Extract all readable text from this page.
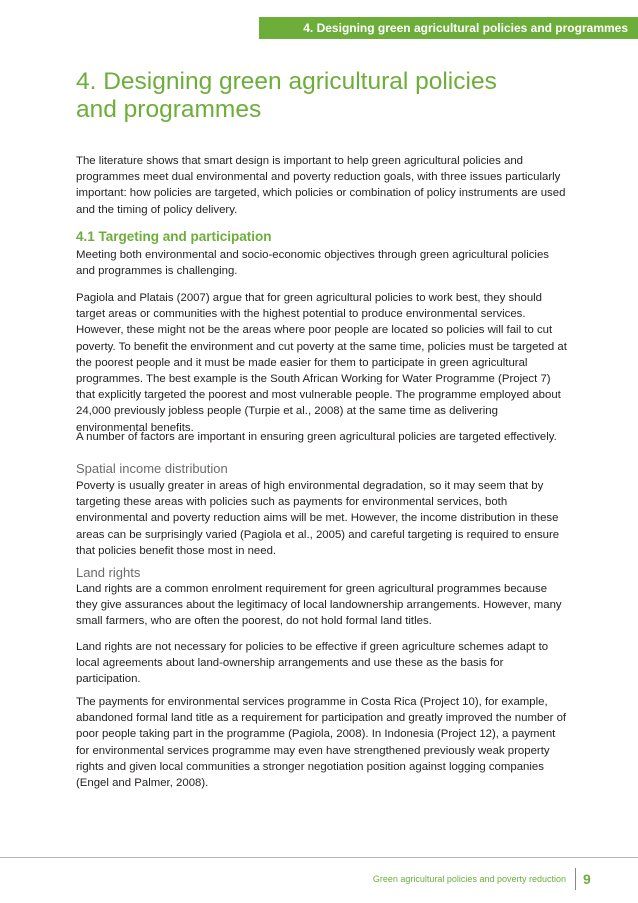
4. Designing green agricultural policies and programmes
4. Designing green agricultural policies
and programmes

The literature shows that smart design is important to help green agricultural policies and programmes meet dual environmental and poverty reduction goals, with three issues particularly important: how policies are targeted, which policies or combination of policy instruments are used and the timing of policy delivery.

4.1 Targeting and participation

Meeting both environmental and socio-economic objectives through green agricultural policies and programmes is challenging.

Pagiola and Platais (2007) argue that for green agricultural policies to work best, they should target areas or communities with the highest potential to produce environmental services. However, these might not be the areas where poor people are located so policies will fail to cut poverty. To benefit the environment and cut poverty at the same time, policies must be targeted at the poorest people and it must be made easier for them to participate in green agricultural programmes. The best example is the South African Working for Water Programme (Project 7) that explicitly targeted the poorest and most vulnerable people. The programme employed about 24,000 previously jobless people (Turpie et al., 2008) at the same time as delivering environmental benefits.

A number of factors are important in ensuring green agricultural policies are targeted effectively.

Spatial income distribution

Poverty is usually greater in areas of high environmental degradation, so it may seem that by targeting these areas with policies such as payments for environmental services, both environmental and poverty reduction aims will be met. However, the income distribution in these areas can be surprisingly varied (Pagiola et al., 2005) and careful targeting is required to ensure that policies benefit those most in need.

Land rights

Land rights are a common enrolment requirement for green agricultural programmes because they give assurances about the legitimacy of local landownership arrangements. However, many small farmers, who are often the poorest, do not hold formal land titles.

Land rights are not necessary for policies to be effective if green agriculture schemes adapt to local agreements about land-ownership arrangements and use these as the basis for participation.

The payments for environmental services programme in Costa Rica (Project 10), for example, abandoned formal land title as a requirement for participation and greatly improved the number of poor people taking part in the programme (Pagiola, 2008). In Indonesia (Project 12), a payment for environmental services programme may even have strengthened previously weak property rights and given local communities a stronger negotiation position against logging companies (Engel and Palmer, 2008).

Green agricultural policies and poverty reduction 9
